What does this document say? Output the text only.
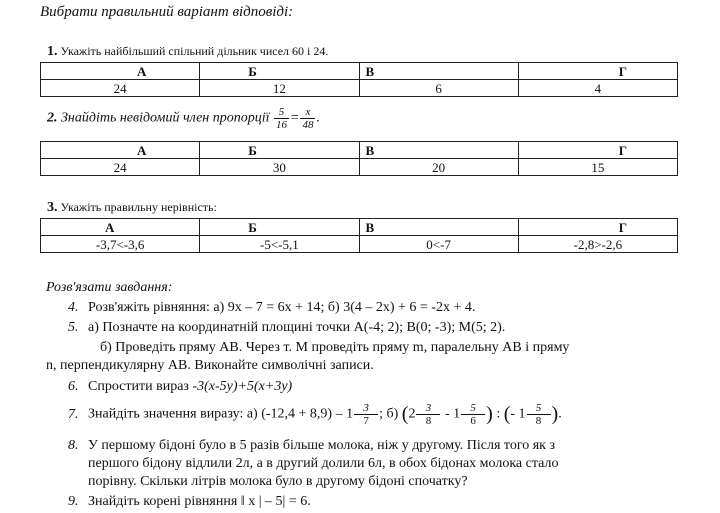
Вибрати правильний варіант відповіді:
1. Укажіть найбільший спільний дільник чисел 60 і 24.
А	Б	В	Г
24	12	6	4
2. Знайдіть невідомий член пропорції $\frac{5}{16} = \frac{x}{48}$ .
А	Б	В	Г
24	30	20	15
3. Укажіть правильну нерівність:
А	Б	В	Г
-3,7<-3,6	-5<-5,1	0<-7	-2,8>-2,6
Розв'язати завдання:
4. Розв'яжіть рівняння: а) 9x – 7 = 6x + 14; б) 3(4 – 2x) + 6 = -2x + 4.
5. а) Позначте на координатній площині точки A(-4; 2); B(0; -3); M(5; 2).
б) Проведіть пряму АВ. Через т. М проведіть пряму m, паралельну АВ і пряму
n, перпендикулярну АВ. Виконайте символічні записи.
6. Спростити вираз -3(x-5y)+5(x+3y)
7. Знайдіть значення виразу: а) $(-12,4 + 8,9) - 1\frac{3}{7}$ ; б) ($2\frac{3}{8} - 1\frac{5}{6}$ ) : (- $1\frac{5}{8}$ ).
8. У першому бідоні було в 5 разів більше молока, ніж у другому. Після того як з
першого бідону відлили 2л, а в другий долили 6л, в обох бідонах молока стало
порівну. Скільки літрів молока було в другому бідоні спочатку?
9. Знайдіть корені рівняння ‖ x | – 5| = 6.
